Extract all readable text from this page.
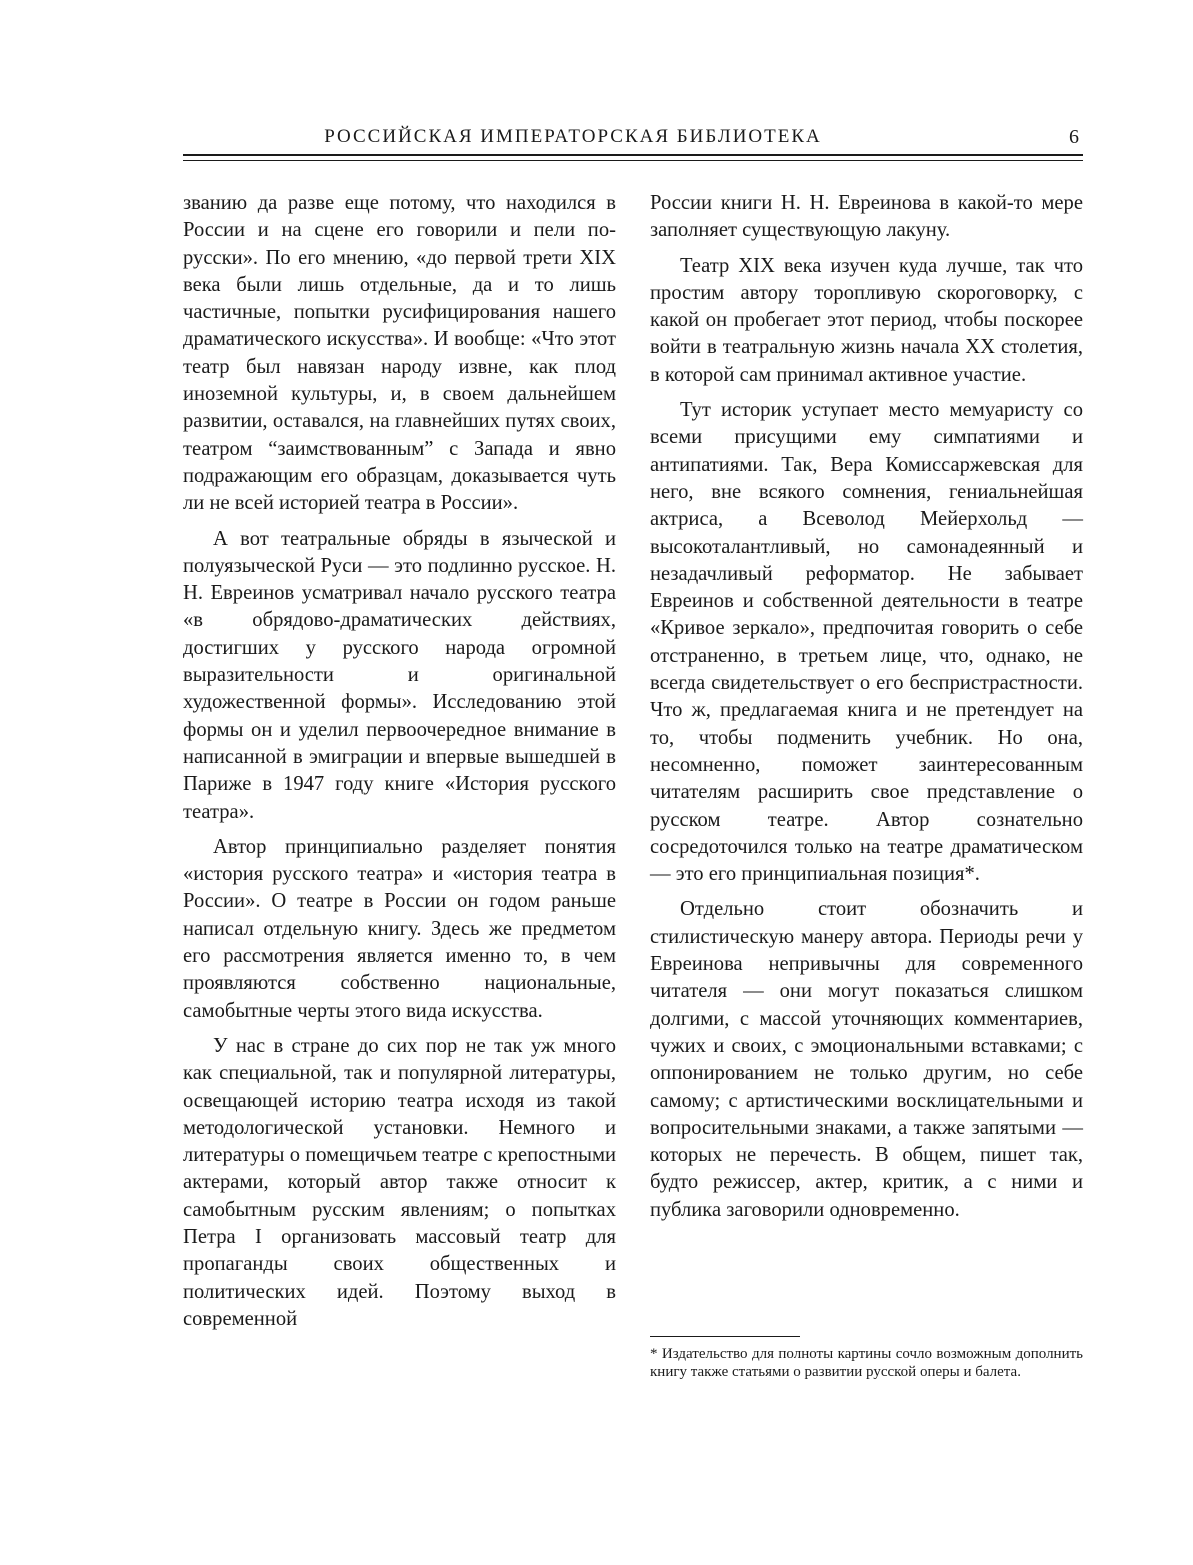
РОССИЙСКАЯ ИМПЕРАТОРСКАЯ БИБЛИОТЕКА	6

званию да разве еще потому, что находился в России и на сцене его говорили и пели по-русски». По его мнению, «до первой трети XIX века были лишь отдельные, да и то лишь частичные, попытки русифицирования нашего драматического искусства». И вообще: «Что этот театр был навязан народу извне, как плод иноземной культуры, и, в своем дальнейшем развитии, оставался, на главнейших путях своих, театром “заимствованным” с Запада и явно подражающим его образцам, доказывается чуть ли не всей историей театра в России».

А вот театральные обряды в языческой и полуязыческой Руси — это подлинно русское. Н. Н. Евреинов усматривал начало русского театра «в обрядово-драматических действиях, достигших у русского народа огромной выразительности и оригинальной художественной формы». Исследованию этой формы он и уделил первоочередное внимание в написанной в эмиграции и впервые вышедшей в Париже в 1947 году книге «История русского театра».

Автор принципиально разделяет понятия «история русского театра» и «история театра в России». О театре в России он годом раньше написал отдельную книгу. Здесь же предметом его рассмотрения является именно то, в чем проявляются собственно национальные, самобытные черты этого вида искусства.

У нас в стране до сих пор не так уж много как специальной, так и популярной литературы, освещающей историю театра исходя из такой методологической установки. Немного и литературы о помещичьем театре с крепостными актерами, который автор также относит к самобытным русским явлениям; о попытках Петра I организовать массовый театр для пропаганды своих общественных и политических идей. Поэтому выход в современной

России книги Н. Н. Евреинова в какой-то мере заполняет существующую лакуну.

Театр XIX века изучен куда лучше, так что простим автору торопливую скороговорку, с какой он пробегает этот период, чтобы поскорее войти в театральную жизнь начала XX столетия, в которой сам принимал активное участие.

Тут историк уступает место мемуаристу со всеми присущими ему симпатиями и антипатиями. Так, Вера Комиссаржевская для него, вне всякого сомнения, гениальнейшая актриса, а Всеволод Мейерхольд — высокоталантливый, но самонадеянный и незадачливый реформатор. Не забывает Евреинов и собственной деятельности в театре «Кривое зеркало», предпочитая говорить о себе отстраненно, в третьем лице, что, однако, не всегда свидетельствует о его беспристрастности. Что ж, предлагаемая книга и не претендует на то, чтобы подменить учебник. Но она, несомненно, поможет заинтересованным читателям расширить свое представление о русском театре. Автор сознательно сосредоточился только на театре драматическом — это его принципиальная позиция*.

Отдельно стоит обозначить и стилистическую манеру автора. Периоды речи у Евреинова непривычны для современного читателя — они могут показаться слишком долгими, с массой уточняющих комментариев, чужих и своих, с эмоциональными вставками; с оппонированием не только другим, но себе самому; с артистическими восклицательными и вопросительными знаками, а также запятыми — которых не перечесть. В общем, пишет так, будто режиссер, актер, критик, а с ними и публика заговорили одновременно.

* Издательство для полноты картины сочло возможным дополнить книгу также статьями о развитии русской оперы и балета.
